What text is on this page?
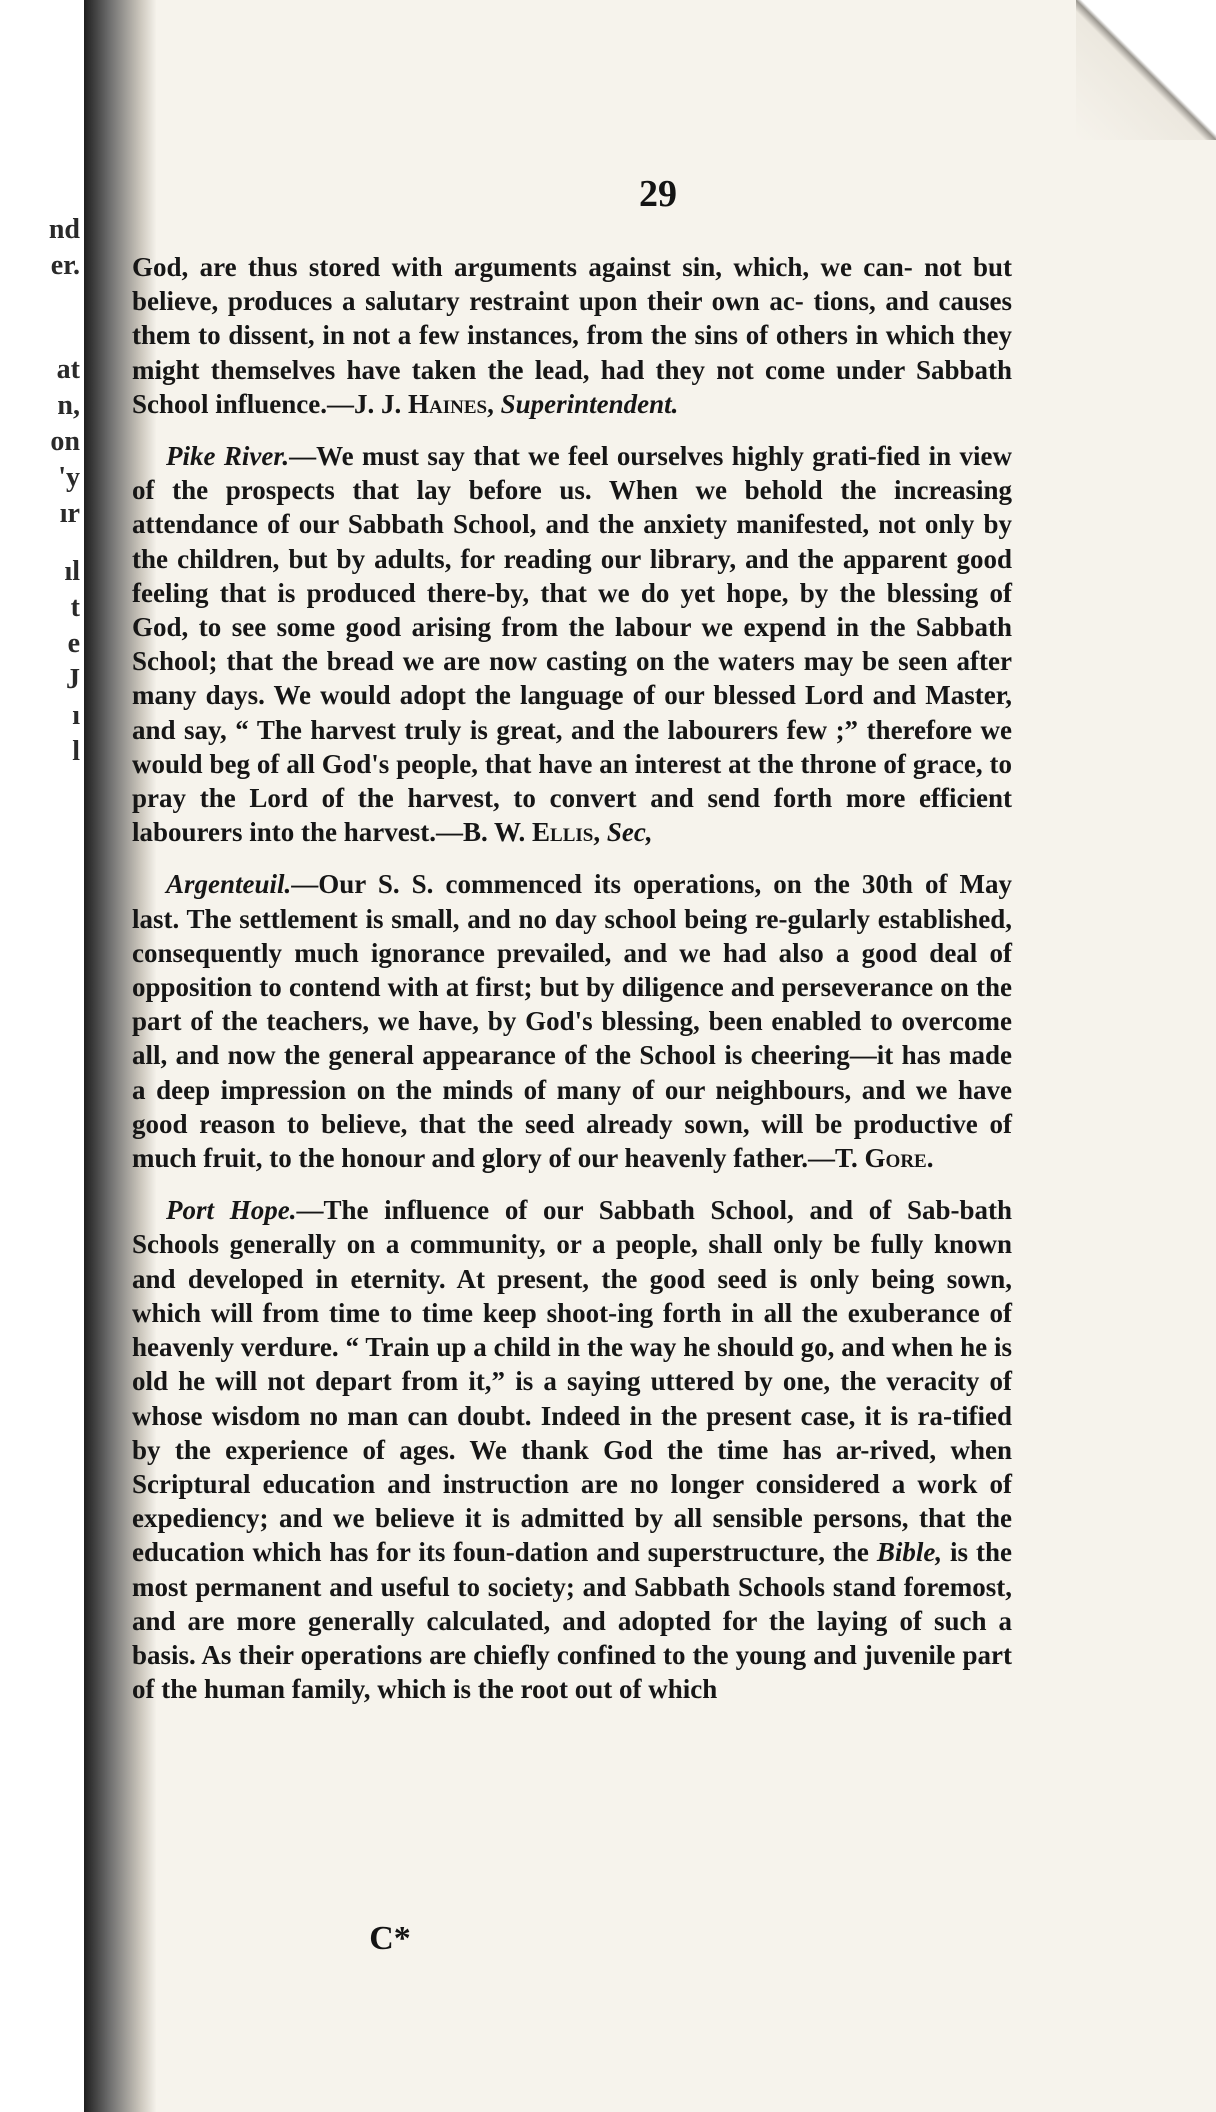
nd
er.
at
n,
on
'y
ır
ıl
t
e
J
ı
l
29

God, are thus stored with arguments against sin, which, we can- not but believe, produces a salutary restraint upon their own ac- tions, and causes them to dissent, in not a few instances, from the sins of others in which they might themselves have taken the lead, had they not come under Sabbath School influence.—J. J. Haines, Superintendent.

Pike River.—We must say that we feel ourselves highly grati-fied in view of the prospects that lay before us. When we behold the increasing attendance of our Sabbath School, and the anxiety manifested, not only by the children, but by adults, for reading our library, and the apparent good feeling that is produced there-by, that we do yet hope, by the blessing of God, to see some good arising from the labour we expend in the Sabbath School; that the bread we are now casting on the waters may be seen after many days. We would adopt the language of our blessed Lord and Master, and say, “ The harvest truly is great, and the labourers few ;” therefore we would beg of all God's people, that have an interest at the throne of grace, to pray the Lord of the harvest, to convert and send forth more efficient labourers into the harvest.—B. W. Ellis, Sec,

Argenteuil.—Our S. S. commenced its operations, on the 30th of May last. The settlement is small, and no day school being re-gularly established, consequently much ignorance prevailed, and we had also a good deal of opposition to contend with at first; but by diligence and perseverance on the part of the teachers, we have, by God's blessing, been enabled to overcome all, and now the general appearance of the School is cheering—it has made a deep impression on the minds of many of our neighbours, and we have good reason to believe, that the seed already sown, will be productive of much fruit, to the honour and glory of our heavenly father.—T. Gore.

Port Hope.—The influence of our Sabbath School, and of Sab-bath Schools generally on a community, or a people, shall only be fully known and developed in eternity. At present, the good seed is only being sown, which will from time to time keep shoot-ing forth in all the exuberance of heavenly verdure. “ Train up a child in the way he should go, and when he is old he will not depart from it,” is a saying uttered by one, the veracity of whose wisdom no man can doubt. Indeed in the present case, it is ra-tified by the experience of ages. We thank God the time has ar-rived, when Scriptural education and instruction are no longer considered a work of expediency; and we believe it is admitted by all sensible persons, that the education which has for its foun-dation and superstructure, the Bible, is the most permanent and useful to society; and Sabbath Schools stand foremost, and are more generally calculated, and adopted for the laying of such a basis. As their operations are chiefly confined to the young and juvenile part of the human family, which is the root out of which

C*
